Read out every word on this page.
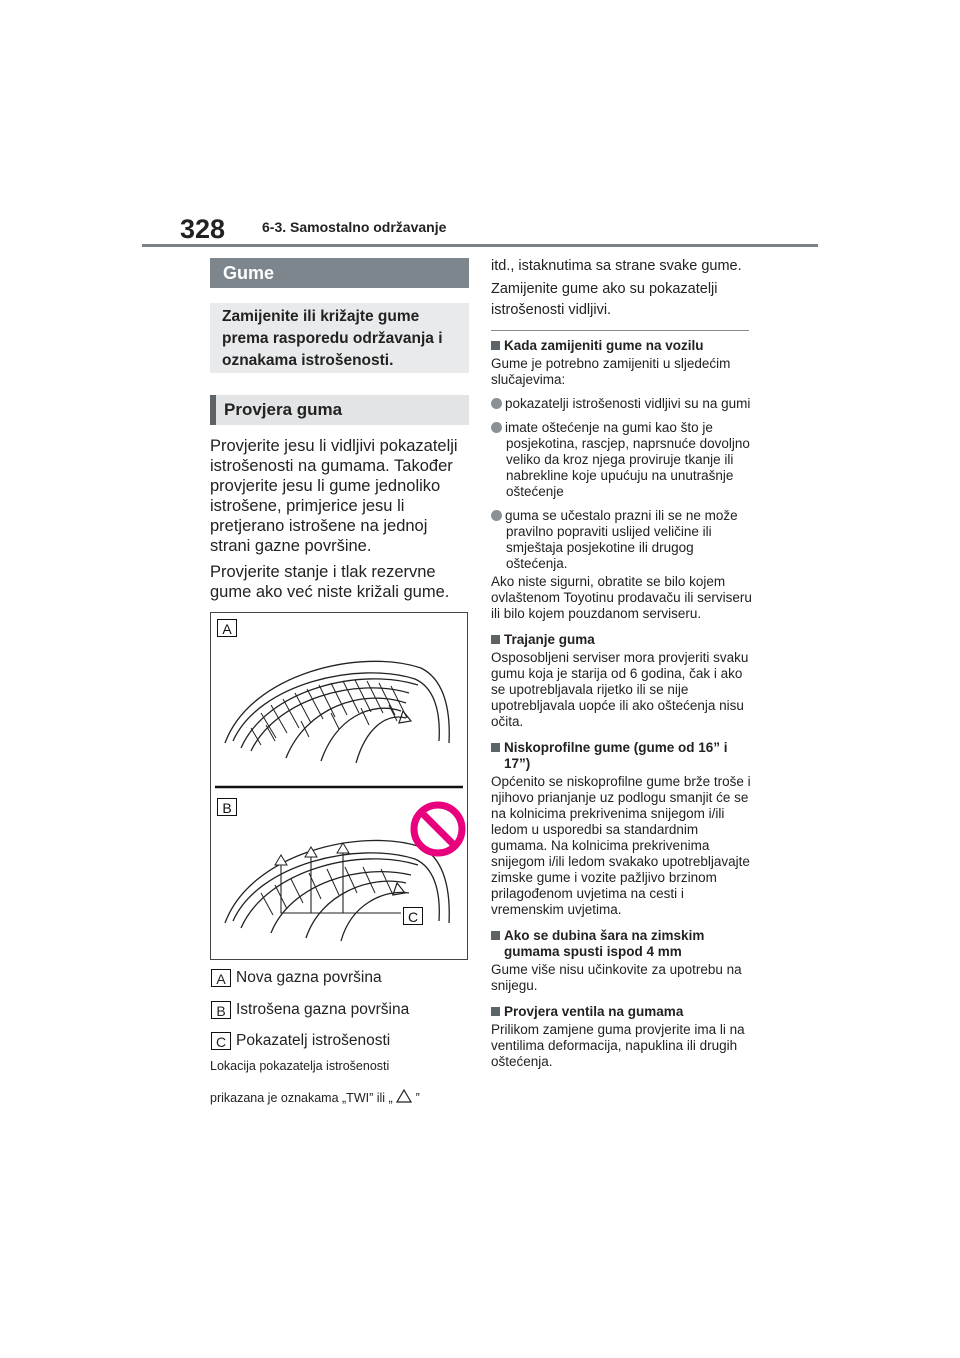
328	6-3. Samostalno održavanje
Gume
Zamijenite ili križajte gume prema rasporedu održavanja i oznakama istrošenosti.
Provjera guma
Provjerite jesu li vidljivi pokazatelji istrošenosti na gumama. Također provjerite jesu li gume jednoliko istrošene, primjerice jesu li pretjerano istrošene na jednoj strani gazne površine.
Provjerite stanje i tlak rezervne gume ako već niste križali gume.
A
B
C
A Nova gazna površina
B Istrošena gazna površina
C Pokazatelj istrošenosti
Lokacija pokazatelja istrošenosti
prikazana je oznakama „TWI” ili „ ”
itd., istaknutima sa strane svake gume.
Zamijenite gume ako su pokazatelji istrošenosti vidljivi.

Kada zamijeniti gume na vozilu

Gume je potrebno zamijeniti u sljedećim slučajevima:

pokazatelji istrošenosti vidljivi su na gumi

imate oštećenje na gumi kao što je posjekotina, rascjep, naprsnuće dovoljno veliko da kroz njega proviruje tkanje ili nabrekline koje upućuju na unutrašnje oštećenje

guma se učestalo prazni ili se ne može pravilno popraviti uslijed veličine ili smještaja posjekotine ili drugog oštećenja.

Ako niste sigurni, obratite se bilo kojem ovlaštenom Toyotinu prodavaču ili serviseru ili bilo kojem pouzdanom serviseru.

Trajanje guma

Osposobljeni serviser mora provjeriti svaku gumu koja je starija od 6 godina, čak i ako se upotrebljavala rijetko ili se nije upotrebljavala uopće ili ako oštećenja nisu očita.

Niskoprofilne gume (gume od 16” i 17”)

Općenito se niskoprofilne gume brže troše i njihovo prianjanje uz podlogu smanjit će se na kolnicima prekrivenima snijegom i/ili ledom u usporedbi sa standardnim gumama. Na kolnicima prekrivenima snijegom i/ili ledom svakako upotrebljavajte zimske gume i vozite pažljivo brzinom prilagođenom uvjetima na cesti i vremenskim uvjetima.

Ako se dubina šara na zimskim gumama spusti ispod 4 mm

Gume više nisu učinkovite za upotrebu na snijegu.

Provjera ventila na gumama

Prilikom zamjene guma provjerite ima li na ventilima deformacija, napuklina ili drugih oštećenja.
